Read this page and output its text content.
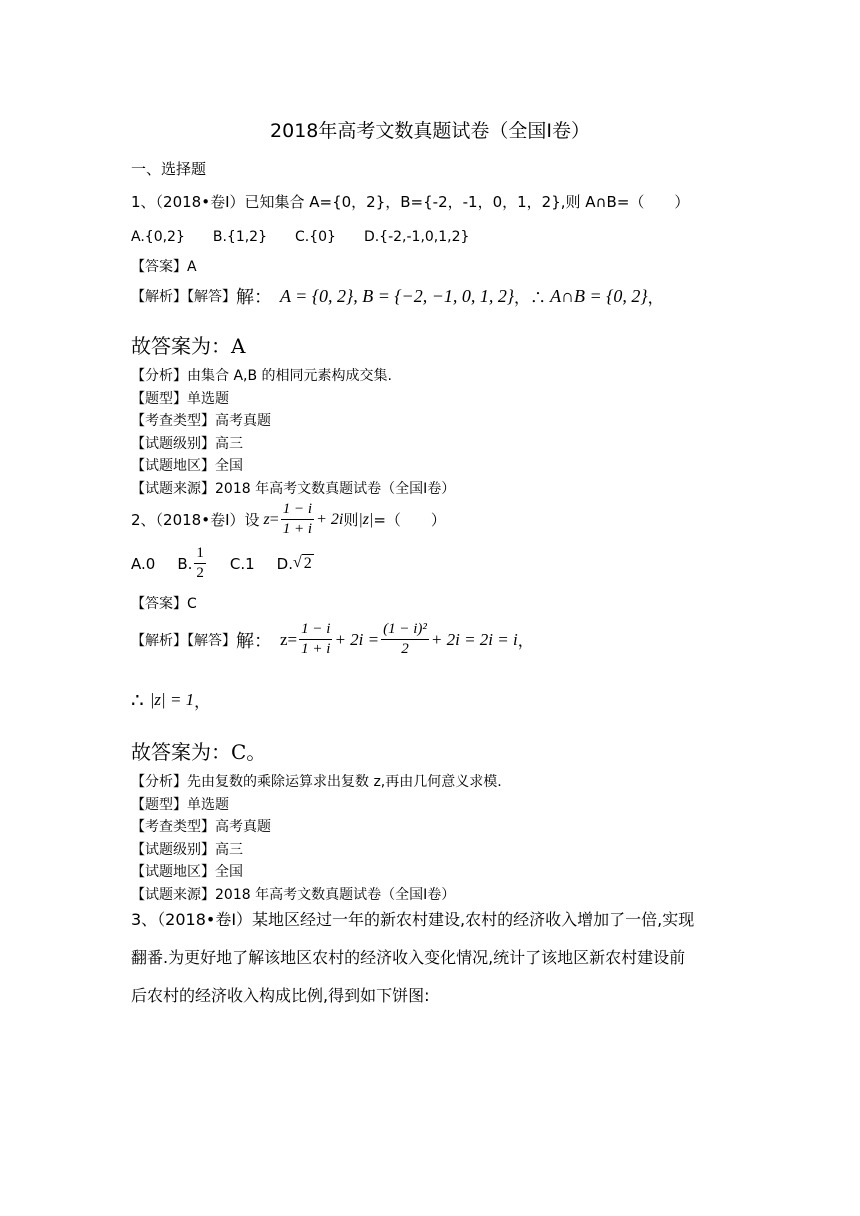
2018年高考文数真题试卷（全国Ⅰ卷）
一、选择题
1、（2018•卷Ⅰ）已知集合 A={0，2}，B={-2，-1，0，1，2},则 A∩B=（　　）
A.{0,2}　　B.{1,2}　　C.{0}　　D.{-2,-1,0,1,2}
【答案】A
【解析】【解答】 解： A = {0, 2}, B = {−2, −1, 0, 1, 2} ，∴ A∩B = {0, 2} ，
故答案为：A
【分析】由集合 A,B 的相同元素构成交集.
【题型】单选题
【考查类型】高考真题
【试题级别】高三
【试题地区】全国
【试题来源】2018 年高考文数真题试卷（全国Ⅰ卷）
2、（2018•卷Ⅰ）设 $z = \frac{1 - i}{1 + i} + 2i$ 则 |z| =（　　）
A.0 B. $\frac{1}{2} C.1$ D. √ 2
【答案】C
【解析】【解答】 解： $z= \frac{1 - i}{1 + i} + 2i = \frac{\text{(1 − i)²}}{2} + 2i = 2i = i$ ，
∴ |z| = 1 ，
故答案为：C。
【分析】先由复数的乘除运算求出复数 z,再由几何意义求模.
【题型】单选题
【考查类型】高考真题
【试题级别】高三
【试题地区】全国
【试题来源】2018 年高考文数真题试卷（全国Ⅰ卷）
3、（2018•卷Ⅰ）某地区经过一年的新农村建设,农村的经济收入增加了一倍,实现
翻番.为更好地了解该地区农村的经济收入变化情况,统计了该地区新农村建设前
后农村的经济收入构成比例,得到如下饼图:
